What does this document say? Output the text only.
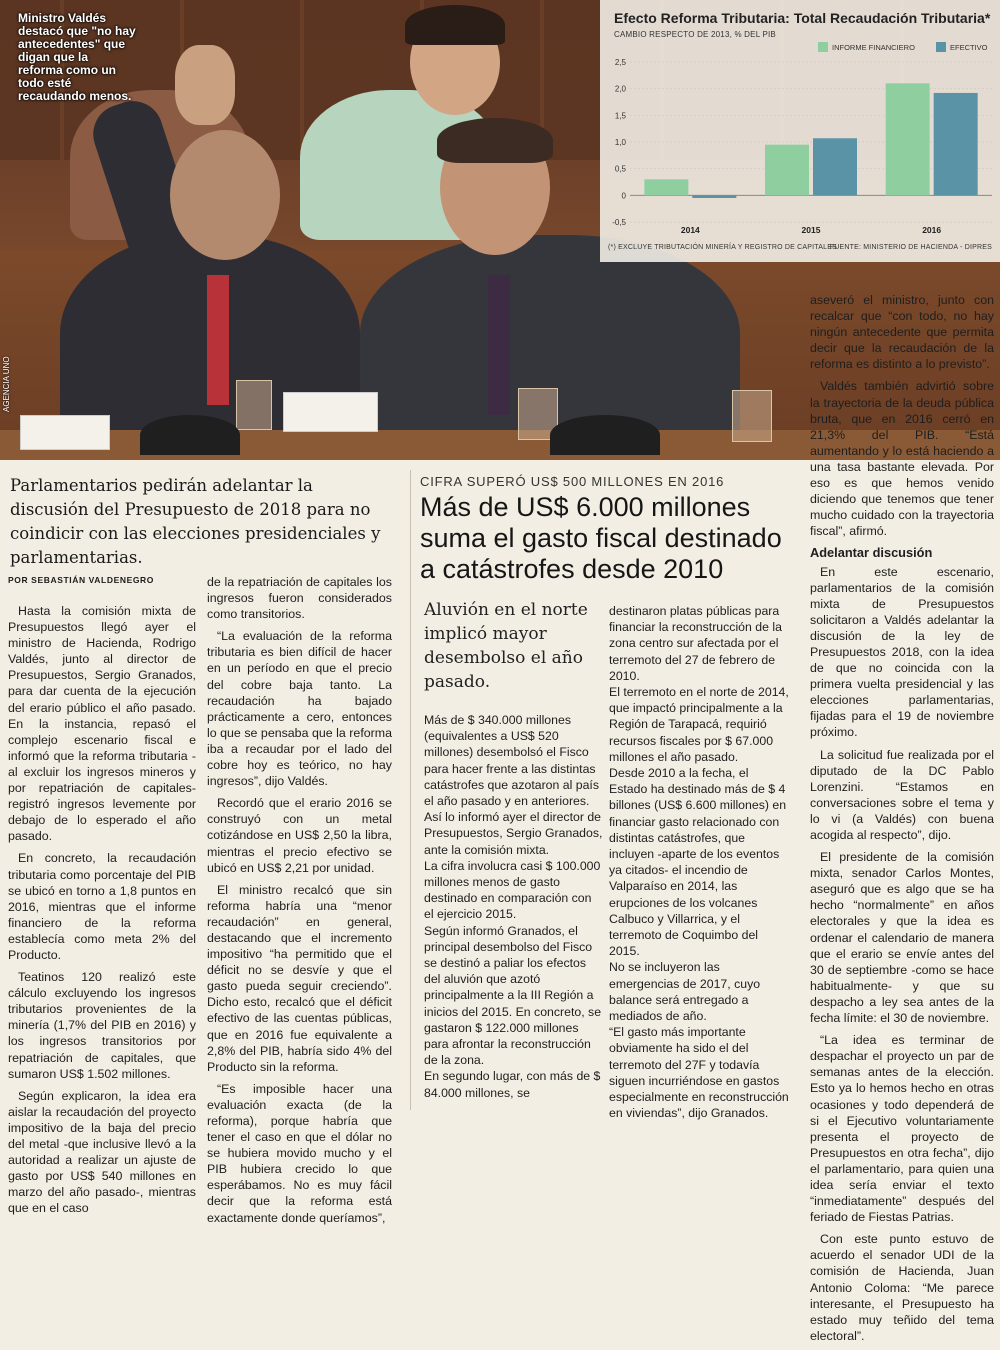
Ministro Valdés destacó que "no hay antecedentes" que digan que la reforma como un todo esté recaudando menos.
AGENCIA UNO
Efecto Reforma Tributaria: Total Recaudación Tributaria*
CAMBIO RESPECTO DE 2013, % DEL PIB
-0,5
0
0,5
1,0
1,5
2,0
2,5
INFORME FINANCIERO	EFECTIVO
2014	2015	2016
(*) EXCLUYE TRIBUTACIÓN MINERÍA Y REGISTRO DE CAPITALES
FUENTE: MINISTERIO DE HACIENDA - DIPRES
Parlamentarios pedirán adelantar la discusión del Presupuesto de 2018 para no coindicir con las elecciones presidenciales y parlamentarias.
CIFRA SUPERÓ US$ 500 MILLONES EN 2016
Más de US$ 6.000 millones suma el gasto fiscal destinado a catástrofes desde 2010
Aluvión en el norte implicó mayor desembolso el año pasado.
POR SEBASTIÁN VALDENEGRO

Hasta la comisión mixta de Presupuestos llegó ayer el ministro de Hacienda, Rodrigo Valdés, junto al director de Presupuestos, Sergio Granados, para dar cuenta de la ejecución del erario público el año pasado. En la instancia, repasó el complejo escenario fiscal e informó que la reforma tributaria -al excluir los ingresos mineros y por repatriación de capitales- registró ingresos levemente por debajo de lo esperado el año pasado.

En concreto, la recaudación tributaria como porcentaje del PIB se ubicó en torno a 1,8 puntos en 2016, mientras que el informe financiero de la reforma establecía como meta 2% del Producto.

Teatinos 120 realizó este cálculo excluyendo los ingresos tributarios provenientes de la minería (1,7% del PIB en 2016) y los ingresos transitorios por repatriación de capitales, que sumaron US$ 1.502 millones.

Según explicaron, la idea era aislar la recaudación del proyecto impositivo de la baja del precio del metal -que inclusive llevó a la autoridad a realizar un ajuste de gasto por US$ 540 millones en marzo del año pasado-, mientras que en el caso

de la repatriación de capitales los ingresos fueron considerados como transitorios.

“La evaluación de la reforma tributaria es bien difícil de hacer en un período en que el precio del cobre baja tanto. La recaudación ha bajado prácticamente a cero, entonces lo que se pensaba que la reforma iba a recaudar por el lado del cobre hoy es teórico, no hay ingresos”, dijo Valdés.

Recordó que el erario 2016 se construyó con un metal cotizándose en US$ 2,50 la libra, mientras el precio efectivo se ubicó en US$ 2,21 por unidad.

El ministro recalcó que sin reforma habría una “menor recaudación” en general, destacando que el incremento impositivo “ha permitido que el déficit no se desvíe y que el gasto pueda seguir creciendo”. Dicho esto, recalcó que el déficit efectivo de las cuentas públicas, que en 2016 fue equivalente a 2,8% del PIB, habría sido 4% del Producto sin la reforma.

“Es imposible hacer una evaluación exacta (de la reforma), porque habría que tener el caso en que el dólar no se hubiera movido mucho y el PIB hubiera crecido lo que esperábamos. No es muy fácil decir que la reforma está exactamente donde queríamos”,

Más de $ 340.000 millones (equivalentes a US$ 520 millones) desembolsó el Fisco para hacer frente a las distintas catástrofes que azotaron al país el año pasado y en anteriores. Así lo informó ayer el director de Presupuestos, Sergio Granados, ante la comisión mixta.

La cifra involucra casi $ 100.000 millones menos de gasto destinado en comparación con el ejercicio 2015.

Según informó Granados, el principal desembolso del Fisco se destinó a paliar los efectos del aluvión que azotó principalmente a la III Región a inicios del 2015. En concreto, se gastaron $ 122.000 millones para afrontar la reconstrucción de la zona.

En segundo lugar, con más de $ 84.000 millones, se

destinaron platas públicas para financiar la reconstrucción de la zona centro sur afectada por el terremoto del 27 de febrero de 2010.

El terremoto en el norte de 2014, que impactó principalmente a la Región de Tarapacá, requirió recursos fiscales por $ 67.000 millones el año pasado.

Desde 2010 a la fecha, el Estado ha destinado más de $ 4 billones (US$ 6.600 millones) en financiar gasto relacionado con distintas catástrofes, que incluyen -aparte de los eventos ya citados- el incendio de Valparaíso en 2014, las erupciones de los volcanes Calbuco y Villarrica, y el terremoto de Coquimbo del 2015.

No se incluyeron las emergencias de 2017, cuyo balance será entregado a mediados de año.

“El gasto más importante obviamente ha sido el del terremoto del 27F y todavía siguen incurriéndose en gastos especialmente en reconstrucción en viviendas”, dijo Granados.

aseveró el ministro, junto con recalcar que “con todo, no hay ningún antecedente que permita decir que la recaudación de la reforma es distinto a lo previsto”.

Valdés también advirtió sobre la trayectoria de la deuda pública bruta, que en 2016 cerró en 21,3% del PIB. “Está aumentando y lo está haciendo a una tasa bastante elevada. Por eso es que hemos venido diciendo que tenemos que tener mucho cuidado con la trayectoria fiscal”, afirmó.

Adelantar discusión

En este escenario, parlamentarios de la comisión mixta de Presupuestos solicitaron a Valdés adelantar la discusión de la ley de Presupuestos 2018, con la idea de que no coincida con la primera vuelta presidencial y las elecciones parlamentarias, fijadas para el 19 de noviembre próximo.

La solicitud fue realizada por el diputado de la DC Pablo Lorenzini. “Estamos en conversaciones sobre el tema y lo vi (a Valdés) con buena acogida al respecto”, dijo.

El presidente de la comisión mixta, senador Carlos Montes, aseguró que es algo que se ha hecho “normalmente” en años electorales y que la idea es ordenar el calendario de manera que el erario se envíe antes del 30 de septiembre -como se hace habitualmente- y que su despacho a ley sea antes de la fecha límite: el 30 de noviembre.

“La idea es terminar de despachar el proyecto un par de semanas antes de la elección. Esto ya lo hemos hecho en otras ocasiones y todo dependerá de si el Ejecutivo voluntariamente presenta el proyecto de Presupuestos en otra fecha”, dijo el parlamentario, para quien una idea sería enviar el texto “inmediatamente” después del feriado de Fiestas Patrias.

Con este punto estuvo de acuerdo el senador UDI de la comisión de Hacienda, Juan Antonio Coloma: “Me parece interesante, el Presupuesto ha estado muy teñido del tema electoral”.
